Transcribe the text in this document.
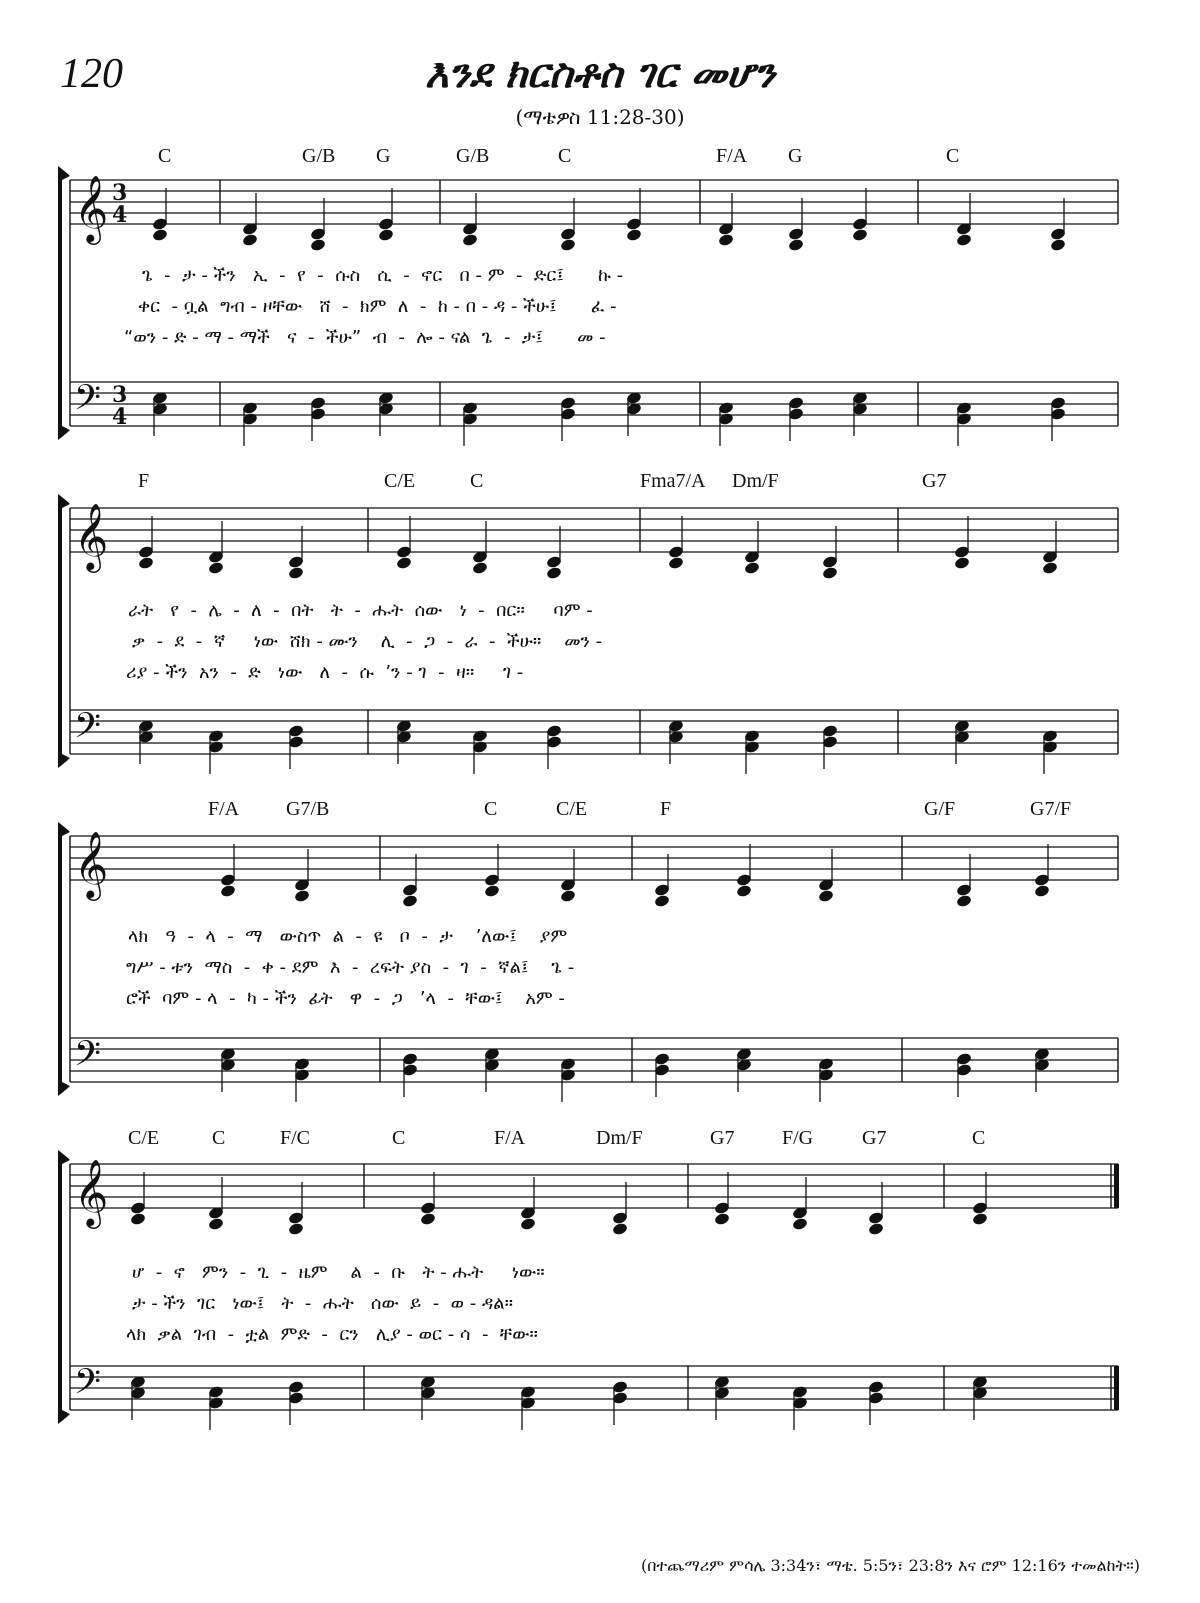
120	እንደ ክርስቶስ ገር መሆን
(ማቴዎስ 11:28-30)
𝄞 3
4
𝄢 3
4
𝄞
𝄢
𝄞
𝄢
𝄞
𝄢
C	G/B G	G/B	C	F/A G	C
ጌ  -  ታ - ችን   ኢ  -  የ  -  ሱስ   ሲ  -  ኖር   በ - ም  -  ድር፤      ኩ -
ቀር  - ቧል  ግብ - ዞቸው   ሸ  -  ክም  ለ  -  ከ - በ - ዳ - ችሁ፤      ፈ -
“ወን - ድ - ማ - ማች   ና  -  ችሁ”  ብ  -  ሎ - ናል  ጌ  -  ታ፤      መ -
F	C/E	C	Fma7/A Dm/F	G7
ራት   የ  -  ሌ  -  ለ  -  በት   ት  -  ሑት  ሰው   ነ  -  በር።     ባም -
ቃ  -  ደ  -  ኛ     ነው  ሸክ - ሙን    ሊ  -  ጋ  -  ራ  -  ችሁ።    መን -
ሪያ - ችን  አን  -  ድ   ነው   ለ  -  ሱ  ’ን - ገ  -  ዛ።     ገ -
F/A G7/B	C	C/E	F	G/F	G7/F
ላክ   ዓ  -  ላ  -  ማ   ውስጥ  ል  -  ዩ   ቦ  -  ታ    ’ለው፤    ያም
ግሥ - ቱን  ማስ  -  ቀ - ደም  እ  -  ረፍት ያስ  -  ገ  -  ኛል፤    ጌ -
ሮች  ባም - ላ  -  ካ - ችን  ፊት   ዋ  -  ጋ   ’ላ  -  ቸው፤    አም -
C/E	C	F/C	C	F/A	Dm/F	G7 F/G G7	C
ሆ  -  ኖ   ምን  -  ጊ  -  ዜም    ል  -  ቡ   ት - ሑት     ነው።
ታ - ችን  ገር   ነው፤   ት  -  ሑት   ሰው  ይ  -  ወ - ዳል።
ላክ  ቃል  ገብ  -  ቷል  ምድ  -  ርን   ሊያ - ወር - ሳ  -  ቸው።
(በተጨማሪም ምሳሌ 3:34ን፣ ማቴ. 5:5ን፣ 23:8ን እና ሮም 12:16ን ተመልከት።)
